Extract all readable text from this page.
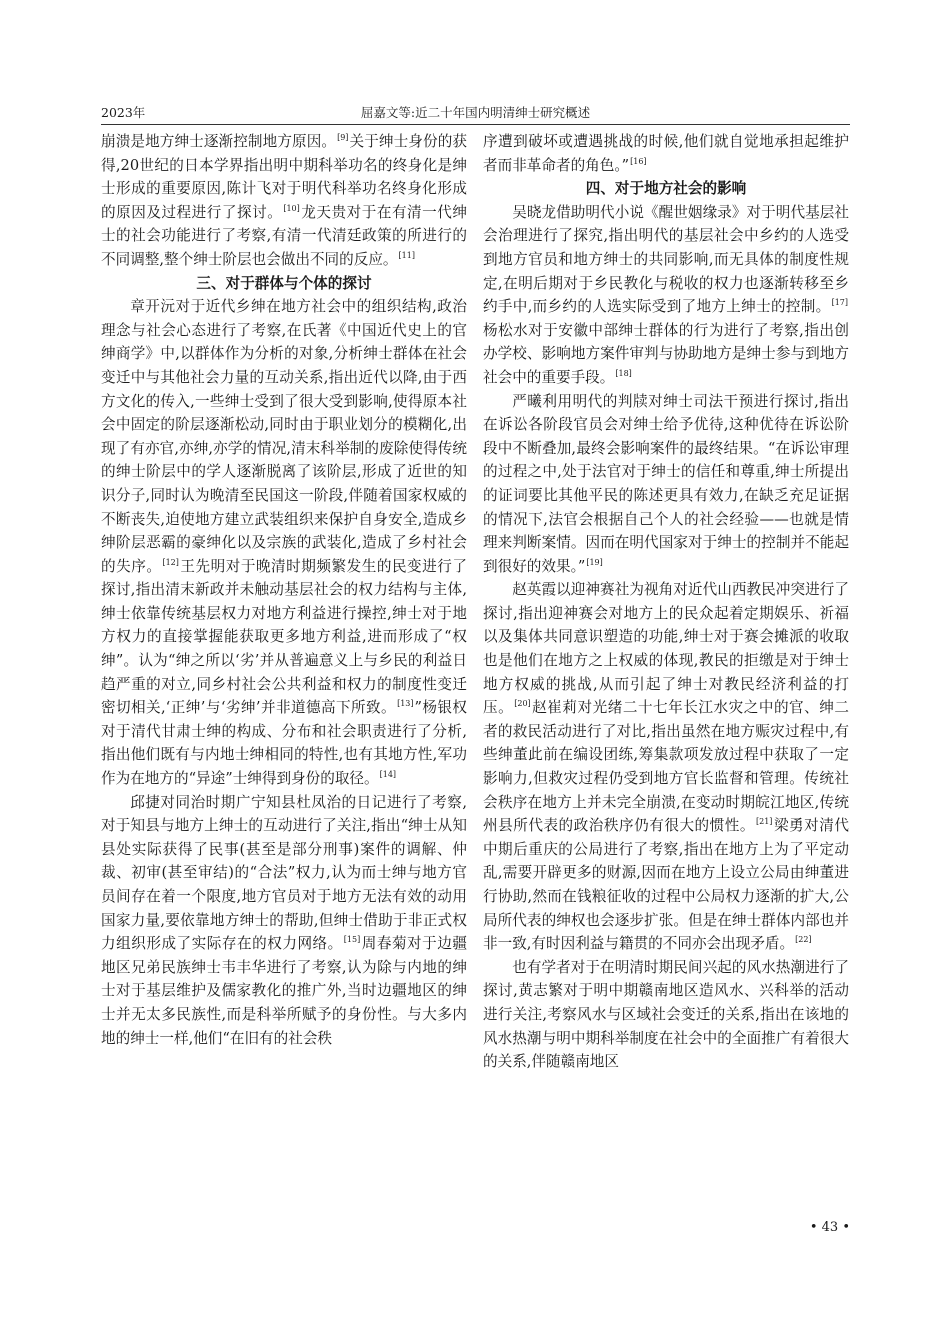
2023年	屈嘉文等:近二十年国内明清绅士研究概述

崩溃是地方绅士逐渐控制地方原因。[9]关于绅士身份的获得,20世纪的日本学界指出明中期科举功名的终身化是绅士形成的重要原因,陈计飞对于明代科举功名终身化形成的原因及过程进行了探讨。[10]龙天贵对于在有清一代绅士的社会功能进行了考察,有清一代清廷政策的所进行的不同调整,整个绅士阶层也会做出不同的反应。[11]

三、对于群体与个体的探讨

章开沅对于近代乡绅在地方社会中的组织结构,政治理念与社会心态进行了考察,在氏著《中国近代史上的官绅商学》中,以群体作为分析的对象,分析绅士群体在社会变迁中与其他社会力量的互动关系,指出近代以降,由于西方文化的传入,一些绅士受到了很大受到影响,使得原本社会中固定的阶层逐渐松动,同时由于职业划分的模糊化,出现了有亦官,亦绅,亦学的情况,清末科举制的废除使得传统的绅士阶层中的学人逐渐脱离了该阶层,形成了近世的知识分子,同时认为晚清至民国这一阶段,伴随着国家权威的不断丧失,迫使地方建立武装组织来保护自身安全,造成乡绅阶层恶霸的豪绅化以及宗族的武装化,造成了乡村社会的失序。[12]王先明对于晚清时期频繁发生的民变进行了探讨,指出清末新政并未触动基层社会的权力结构与主体,绅士依靠传统基层权力对地方利益进行操控,绅士对于地方权力的直接掌握能获取更多地方利益,进而形成了“权绅”。认为“绅之所以‘劣’并从普遍意义上与乡民的利益日趋严重的对立,同乡村社会公共利益和权力的制度性变迁密切相关,‘正绅’与‘劣绅’并非道德高下所致。[13]”杨银权对于清代甘肃士绅的构成、分布和社会职责进行了分析,指出他们既有与内地士绅相同的特性,也有其地方性,军功作为在地方的“异途”士绅得到身份的取径。[14]

邱捷对同治时期广宁知县杜凤治的日记进行了考察,对于知县与地方上绅士的互动进行了关注,指出“绅士从知县处实际获得了民事(甚至是部分刑事)案件的调解、仲裁、初审(甚至审结)的“合法”权力,认为而士绅与地方官员间存在着一个限度,地方官员对于地方无法有效的动用国家力量,要依靠地方绅士的帮助,但绅士借助于非正式权力组织形成了实际存在的权力网络。[15]周春菊对于边疆地区兄弟民族绅士韦丰华进行了考察,认为除与内地的绅士对于基层维护及儒家教化的推广外,当时边疆地区的绅士并无太多民族性,而是科举所赋予的身份性。与大多内地的绅士一样,他们“在旧有的社会秩

序遭到破坏或遭遇挑战的时候,他们就自觉地承担起维护者而非革命者的角色。”[16]

四、对于地方社会的影响

吴晓龙借助明代小说《醒世姻缘录》对于明代基层社会治理进行了探究,指出明代的基层社会中乡约的人选受到地方官员和地方绅士的共同影响,而无具体的制度性规定,在明后期对于乡民教化与税收的权力也逐渐转移至乡约手中,而乡约的人选实际受到了地方上绅士的控制。[17]杨松水对于安徽中部绅士群体的行为进行了考察,指出创办学校、影响地方案件审判与协助地方是绅士参与到地方社会中的重要手段。[18]

严曦利用明代的判牍对绅士司法干预进行探讨,指出在诉讼各阶段官员会对绅士给予优待,这种优待在诉讼阶段中不断叠加,最终会影响案件的最终结果。“在诉讼审理的过程之中,处于法官对于绅士的信任和尊重,绅士所提出的证词要比其他平民的陈述更具有效力,在缺乏充足证据的情况下,法官会根据自己个人的社会经验——也就是情理来判断案情。因而在明代国家对于绅士的控制并不能起到很好的效果。”[19]

赵英霞以迎神赛社为视角对近代山西教民冲突进行了探讨,指出迎神赛会对地方上的民众起着定期娱乐、祈福以及集体共同意识塑造的功能,绅士对于赛会摊派的收取也是他们在地方之上权威的体现,教民的拒缴是对于绅士地方权威的挑战,从而引起了绅士对教民经济利益的打压。[20]赵崔莉对光绪二十七年长江水灾之中的官、绅二者的救民活动进行了对比,指出虽然在地方赈灾过程中,有些绅董此前在编设团练,筹集款项发放过程中获取了一定影响力,但救灾过程仍受到地方官长监督和管理。传统社会秩序在地方上并未完全崩溃,在变动时期皖江地区,传统州县所代表的政治秩序仍有很大的惯性。[21]梁勇对清代中期后重庆的公局进行了考察,指出在地方上为了平定动乱,需要开辟更多的财源,因而在地方上设立公局由绅董进行协助,然而在钱粮征收的过程中公局权力逐渐的扩大,公局所代表的绅权也会逐步扩张。但是在绅士群体内部也并非一致,有时因利益与籍贯的不同亦会出现矛盾。[22]

也有学者对于在明清时期民间兴起的风水热潮进行了探讨,黄志繁对于明中期赣南地区造风水、兴科举的活动进行关注,考察风水与区域社会变迁的关系,指出在该地的风水热潮与明中期科举制度在社会中的全面推广有着很大的关系,伴随赣南地区

• 43 •
